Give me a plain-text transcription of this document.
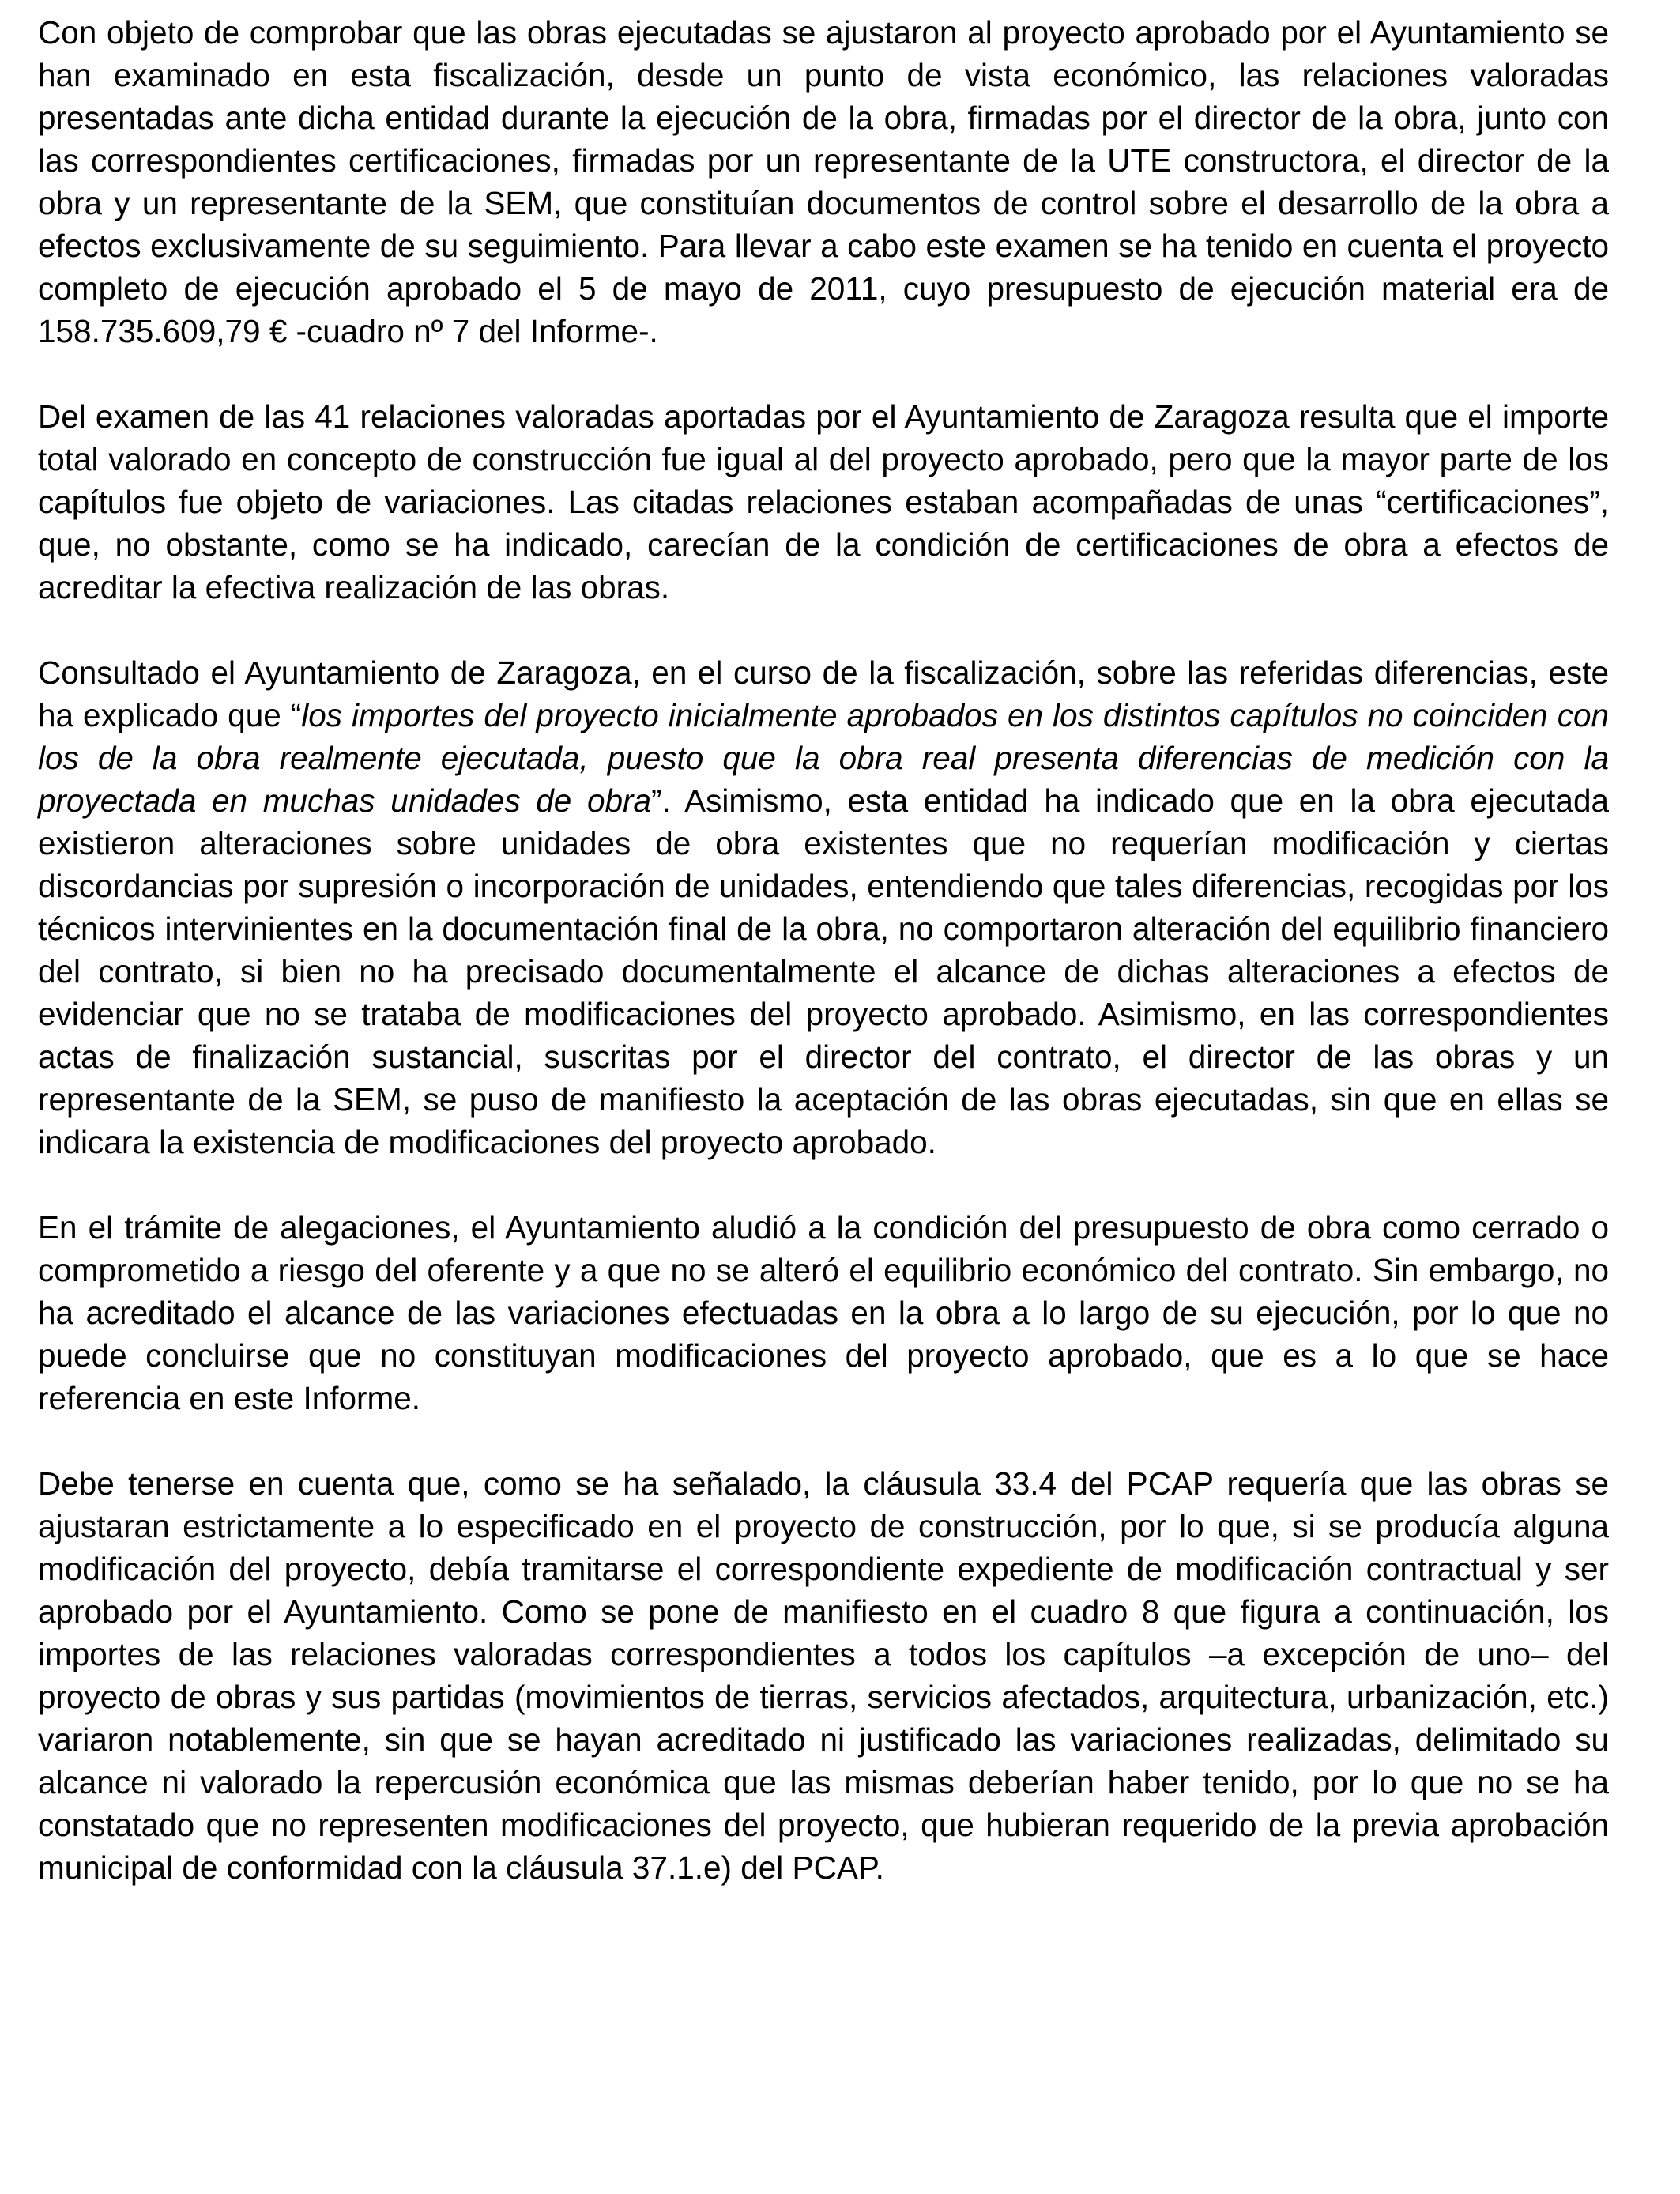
Con objeto de comprobar que las obras ejecutadas se ajustaron al proyecto aprobado por el Ayuntamiento se han examinado en esta fiscalización, desde un punto de vista económico, las relaciones valoradas presentadas ante dicha entidad durante la ejecución de la obra, firmadas por el director de la obra, junto con las correspondientes certificaciones, firmadas por un representante de la UTE constructora, el director de la obra y un representante de la SEM, que constituían documentos de control sobre el desarrollo de la obra a efectos exclusivamente de su seguimiento. Para llevar a cabo este examen se ha tenido en cuenta el proyecto completo de ejecución aprobado el 5 de mayo de 2011, cuyo presupuesto de ejecución material era de 158.735.609,79 € -cuadro nº 7 del Informe-.

Del examen de las 41 relaciones valoradas aportadas por el Ayuntamiento de Zaragoza resulta que el importe total valorado en concepto de construcción fue igual al del proyecto aprobado, pero que la mayor parte de los capítulos fue objeto de variaciones. Las citadas relaciones estaban acompañadas de unas “certificaciones”, que, no obstante, como se ha indicado, carecían de la condición de certificaciones de obra a efectos de acreditar la efectiva realización de las obras.

Consultado el Ayuntamiento de Zaragoza, en el curso de la fiscalización, sobre las referidas diferencias, este ha explicado que “los importes del proyecto inicialmente aprobados en los distintos capítulos no coinciden con los de la obra realmente ejecutada, puesto que la obra real presenta diferencias de medición con la proyectada en muchas unidades de obra”. Asimismo, esta entidad ha indicado que en la obra ejecutada existieron alteraciones sobre unidades de obra existentes que no requerían modificación y ciertas discordancias por supresión o incorporación de unidades, entendiendo que tales diferencias, recogidas por los técnicos intervinientes en la documentación final de la obra, no comportaron alteración del equilibrio financiero del contrato, si bien no ha precisado documentalmente el alcance de dichas alteraciones a efectos de evidenciar que no se trataba de modificaciones del proyecto aprobado. Asimismo, en las correspondientes actas de finalización sustancial, suscritas por el director del contrato, el director de las obras y un representante de la SEM, se puso de manifiesto la aceptación de las obras ejecutadas, sin que en ellas se indicara la existencia de modificaciones del proyecto aprobado.

En el trámite de alegaciones, el Ayuntamiento aludió a la condición del presupuesto de obra como cerrado o comprometido a riesgo del oferente y a que no se alteró el equilibrio económico del contrato. Sin embargo, no ha acreditado el alcance de las variaciones efectuadas en la obra a lo largo de su ejecución, por lo que no puede concluirse que no constituyan modificaciones del proyecto aprobado, que es a lo que se hace referencia en este Informe.

Debe tenerse en cuenta que, como se ha señalado, la cláusula 33.4 del PCAP requería que las obras se ajustaran estrictamente a lo especificado en el proyecto de construcción, por lo que, si se producía alguna modificación del proyecto, debía tramitarse el correspondiente expediente de modificación contractual y ser aprobado por el Ayuntamiento. Como se pone de manifiesto en el cuadro 8 que figura a continuación, los importes de las relaciones valoradas correspondientes a todos los capítulos –a excepción de uno– del proyecto de obras y sus partidas (movimientos de tierras, servicios afectados, arquitectura, urbanización, etc.) variaron notablemente, sin que se hayan acreditado ni justificado las variaciones realizadas, delimitado su alcance ni valorado la repercusión económica que las mismas deberían haber tenido, por lo que no se ha constatado que no representen modificaciones del proyecto, que hubieran requerido de la previa aprobación municipal de conformidad con la cláusula 37.1.e) del PCAP.
